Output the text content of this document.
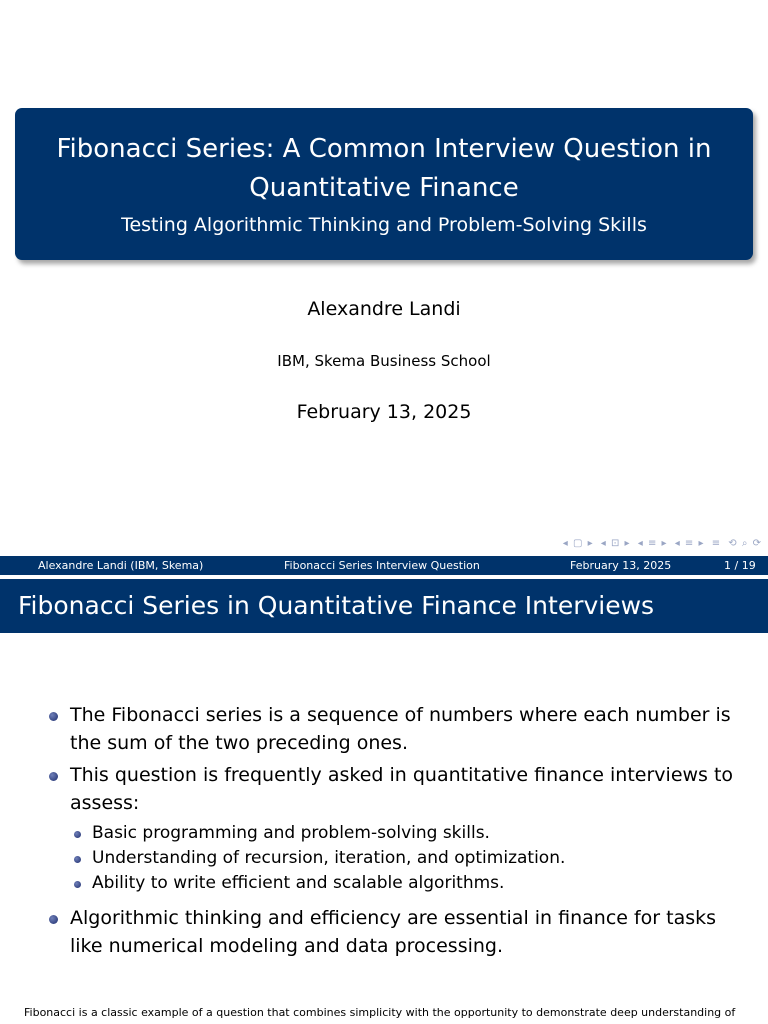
Fibonacci Series: A Common Interview Question in Quantitative Finance
Testing Algorithmic Thinking and Problem-Solving Skills
Alexandre Landi
IBM, Skema Business School
February 13, 2025
◂ ▢ ▸ ◂ ⊡ ▸ ◂ ≡ ▸ ◂ ≡ ▸ ≡ ⟲ ⌕ ⟳
Alexandre Landi (IBM, Skema)	Fibonacci Series Interview Question	February 13, 2025	1 / 19
Fibonacci Series in Quantitative Finance Interviews
The Fibonacci series is a sequence of numbers where each number is the sum of the two preceding ones.
This question is frequently asked in quantitative finance interviews to assess:
Basic programming and problem-solving skills.
Understanding of recursion, iteration, and optimization.
Ability to write efficient and scalable algorithms.
Algorithmic thinking and efficiency are essential in finance for tasks like numerical modeling and data processing.
Fibonacci is a classic example of a question that combines simplicity with the opportunity to demonstrate deep understanding of
